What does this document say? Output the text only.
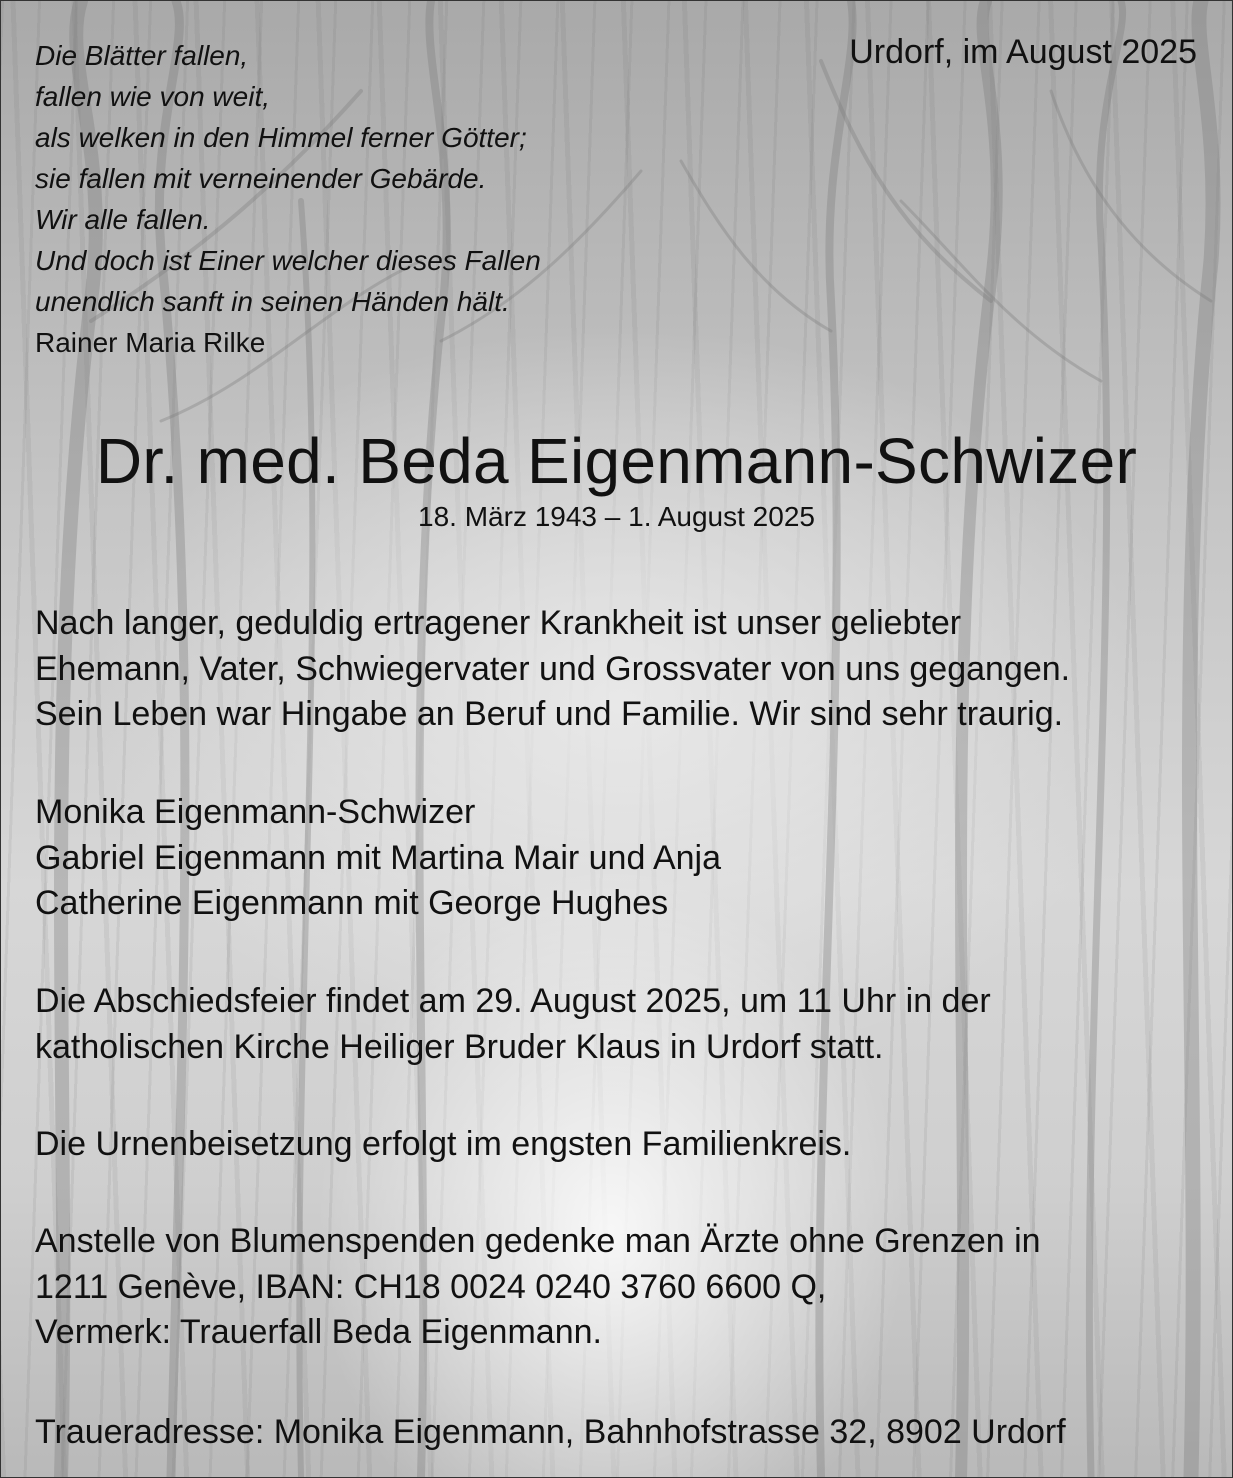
Die Blätter fallen,
fallen wie von weit,
als welken in den Himmel ferner Götter;
sie fallen mit verneinender Gebärde.
Wir alle fallen.
Und doch ist Einer welcher dieses Fallen
unendlich sanft in seinen Händen hält.
Rainer Maria Rilke
Urdorf, im August 2025
Dr. med. Beda Eigenmann-Schwizer
18. März 1943 – 1. August 2025
Nach langer, geduldig ertragener Krankheit ist unser geliebter
Ehemann, Vater, Schwiegervater und Grossvater von uns gegangen.
Sein Leben war Hingabe an Beruf und Familie. Wir sind sehr traurig.
Monika Eigenmann-Schwizer
Gabriel Eigenmann mit Martina Mair und Anja
Catherine Eigenmann mit George Hughes
Die Abschiedsfeier findet am 29. August 2025, um 11 Uhr in der
katholischen Kirche Heiliger Bruder Klaus in Urdorf statt.
Die Urnenbeisetzung erfolgt im engsten Familienkreis.
Anstelle von Blumenspenden gedenke man Ärzte ohne Grenzen in
1211 Genève, IBAN: CH18 0024 0240 3760 6600 Q,
Vermerk: Trauerfall Beda Eigenmann.
Traueradresse: Monika Eigenmann, Bahnhofstrasse 32, 8902 Urdorf
